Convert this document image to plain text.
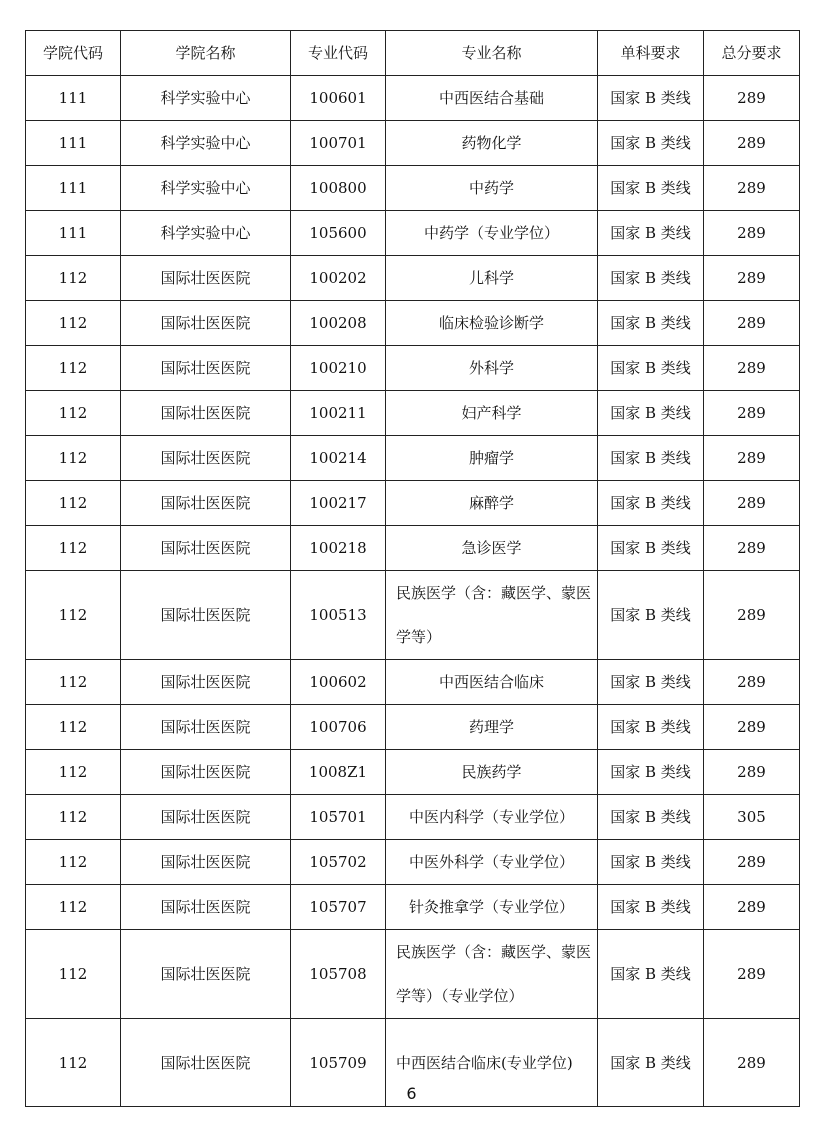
学院代码	学院名称	专业代码	专业名称	单科要求	总分要求
111	科学实验中心	100601	中西医结合基础	国家 B 类线	289
111	科学实验中心	100701	药物化学	国家 B 类线	289
111	科学实验中心	100800	中药学	国家 B 类线	289
111	科学实验中心	105600	中药学（专业学位）	国家 B 类线	289
112	国际壮医医院	100202	儿科学	国家 B 类线	289
112	国际壮医医院	100208	临床检验诊断学	国家 B 类线	289
112	国际壮医医院	100210	外科学	国家 B 类线	289
112	国际壮医医院	100211	妇产科学	国家 B 类线	289
112	国际壮医医院	100214	肿瘤学	国家 B 类线	289
112	国际壮医医院	100217	麻醉学	国家 B 类线	289
112	国际壮医医院	100218	急诊医学	国家 B 类线	289
112	国际壮医医院	100513	民族医学（含：藏医学、蒙医学等）	国家 B 类线	289
112	国际壮医医院	100602	中西医结合临床	国家 B 类线	289
112	国际壮医医院	100706	药理学	国家 B 类线	289
112	国际壮医医院	1008Z1	民族药学	国家 B 类线	289
112	国际壮医医院	105701	中医内科学（专业学位）	国家 B 类线	305
112	国际壮医医院	105702	中医外科学（专业学位）	国家 B 类线	289
112	国际壮医医院	105707	针灸推拿学（专业学位）	国家 B 类线	289
112	国际壮医医院	105708	民族医学（含：藏医学、蒙医学等）（专业学位）	国家 B 类线	289
112	国际壮医医院	105709	中西医结合临床(专业学位)	国家 B 类线	289
6
